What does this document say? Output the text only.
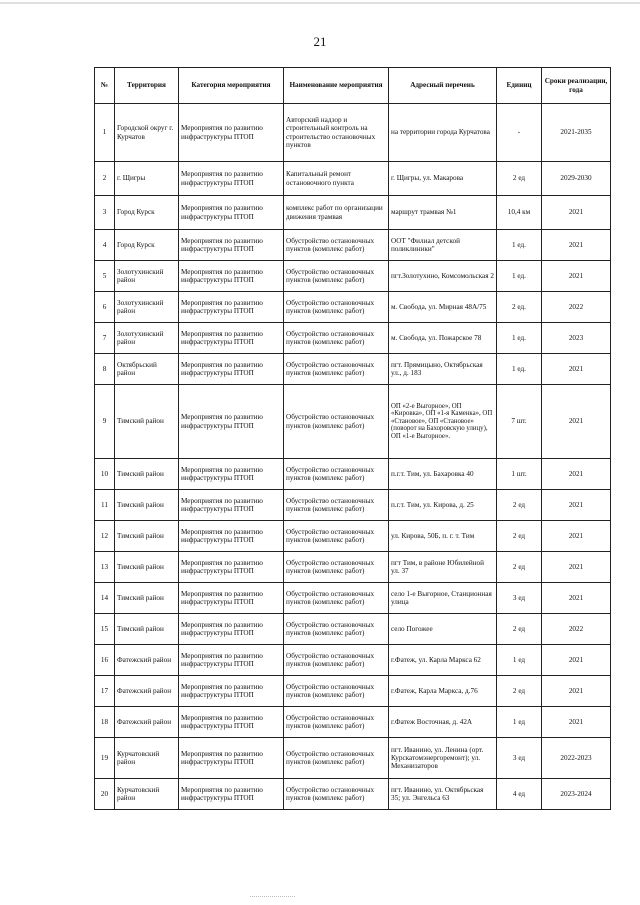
21
№	Территория	Категория мероприятия	Наименование мероприятия	Адресный перечень	Единиц	Сроки реализации, года
1	Городской округ г. Курчатов	Мероприятия по развитию инфраструктуры ПТОП	Авторский надзор и строительный контроль на строительство остановочных пунктов	на территории города Курчатова	-	2021-2035
2	г. Щигры	Мероприятия по развитию инфраструктуры ПТОП	Капитальный ремонт остановочного пункта	г. Щигры, ул. Макарова	2 ед	2029-2030
3	Город Курск	Мероприятия по развитию инфраструктуры ПТОП	комплекс работ по организации движения трамвая	маршрут трамвая №1	10,4 км	2021
4	Город Курск	Мероприятия по развитию инфраструктуры ПТОП	Обустройство остановочных пунктов (комплекс работ)	ООТ "Филиал детской поликлиники"	1 ед.	2021
5	Золотухинский район	Мероприятия по развитию инфраструктуры ПТОП	Обустройство остановочных пунктов (комплекс работ)	пгт.Золотухино, Комсомольская 2	1 ед.	2021
6	Золотухинский район	Мероприятия по развитию инфраструктуры ПТОП	Обустройство остановочных пунктов (комплекс работ)	м. Свобода, ул. Мирная 48А/75	2 ед.	2022
7	Золотухинский район	Мероприятия по развитию инфраструктуры ПТОП	Обустройство остановочных пунктов (комплекс работ)	м. Свобода, ул. Пожарское 78	1 ед.	2023
8	Октябрьский район	Мероприятия по развитию инфраструктуры ПТОП	Обустройство остановочных пунктов (комплекс работ)	пгт. Прямицыно, Октябрьская ул., д. 183	1 ед.	2021
9	Тимский район	Мероприятия по развитию инфраструктуры ПТОП	Обустройство остановочных пунктов (комплекс работ)	ОП «2-е Выгорное», ОП «Кировка», ОП «1-я Каменка», ОП «Становое», ОП «Становое» (поворот на Бахоровскую улицу), ОП «1-е Выгорное».	7 шт.	2021
10	Тимский район	Мероприятия по развитию инфраструктуры ПТОП	Обустройство остановочных пунктов (комплекс работ)	п.г.т. Тим, ул. Бахаровка 40	1 шт.	2021
11	Тимский район	Мероприятия по развитию инфраструктуры ПТОП	Обустройство остановочных пунктов (комплекс работ)	п.г.т. Тим, ул. Кирова, д. 25	2 ед	2021
12	Тимский район	Мероприятия по развитию инфраструктуры ПТОП	Обустройство остановочных пунктов (комплекс работ)	ул. Кирова, 50Б, п. г. т. Тим	2 ед	2021
13	Тимский район	Мероприятия по развитию инфраструктуры ПТОП	Обустройство остановочных пунктов (комплекс работ)	пгт Тим, в районе Юбилейной ул. 37	2 ед	2021
14	Тимский район	Мероприятия по развитию инфраструктуры ПТОП	Обустройство остановочных пунктов (комплекс работ)	село 1-е Выгорное, Станционная улица	3 ед	2021
15	Тимский район	Мероприятия по развитию инфраструктуры ПТОП	Обустройство остановочных пунктов (комплекс работ)	село Погожее	2 ед	2022
16	Фатежский район	Мероприятия по развитию инфраструктуры ПТОП	Обустройство остановочных пунктов (комплекс работ)	г.Фатеж, ул. Карла Маркса 62	1 ед	2021
17	Фатежский район	Мероприятия по развитию инфраструктуры ПТОП	Обустройство остановочных пунктов (комплекс работ)	г.Фатеж, Карла Маркса, д.76	2 ед	2021
18	Фатежский район	Мероприятия по развитию инфраструктуры ПТОП	Обустройство остановочных пунктов (комплекс работ)	г.Фатеж Восточная, д. 42А	1 ед	2021
19	Курчатовский район	Мероприятия по развитию инфраструктуры ПТОП	Обустройство остановочных пунктов (комплекс работ)	пгт. Иванино, ул. Ленина (орт. Курскатомэнергоремонт); ул. Механизаторов	3 ед	2022-2023
20	Курчатовский район	Мероприятия по развитию инфраструктуры ПТОП	Обустройство остановочных пунктов (комплекс работ)	пгт. Иванино, ул. Октябрьская 35; ул. Энгельса 63	4 ед	2023-2024
